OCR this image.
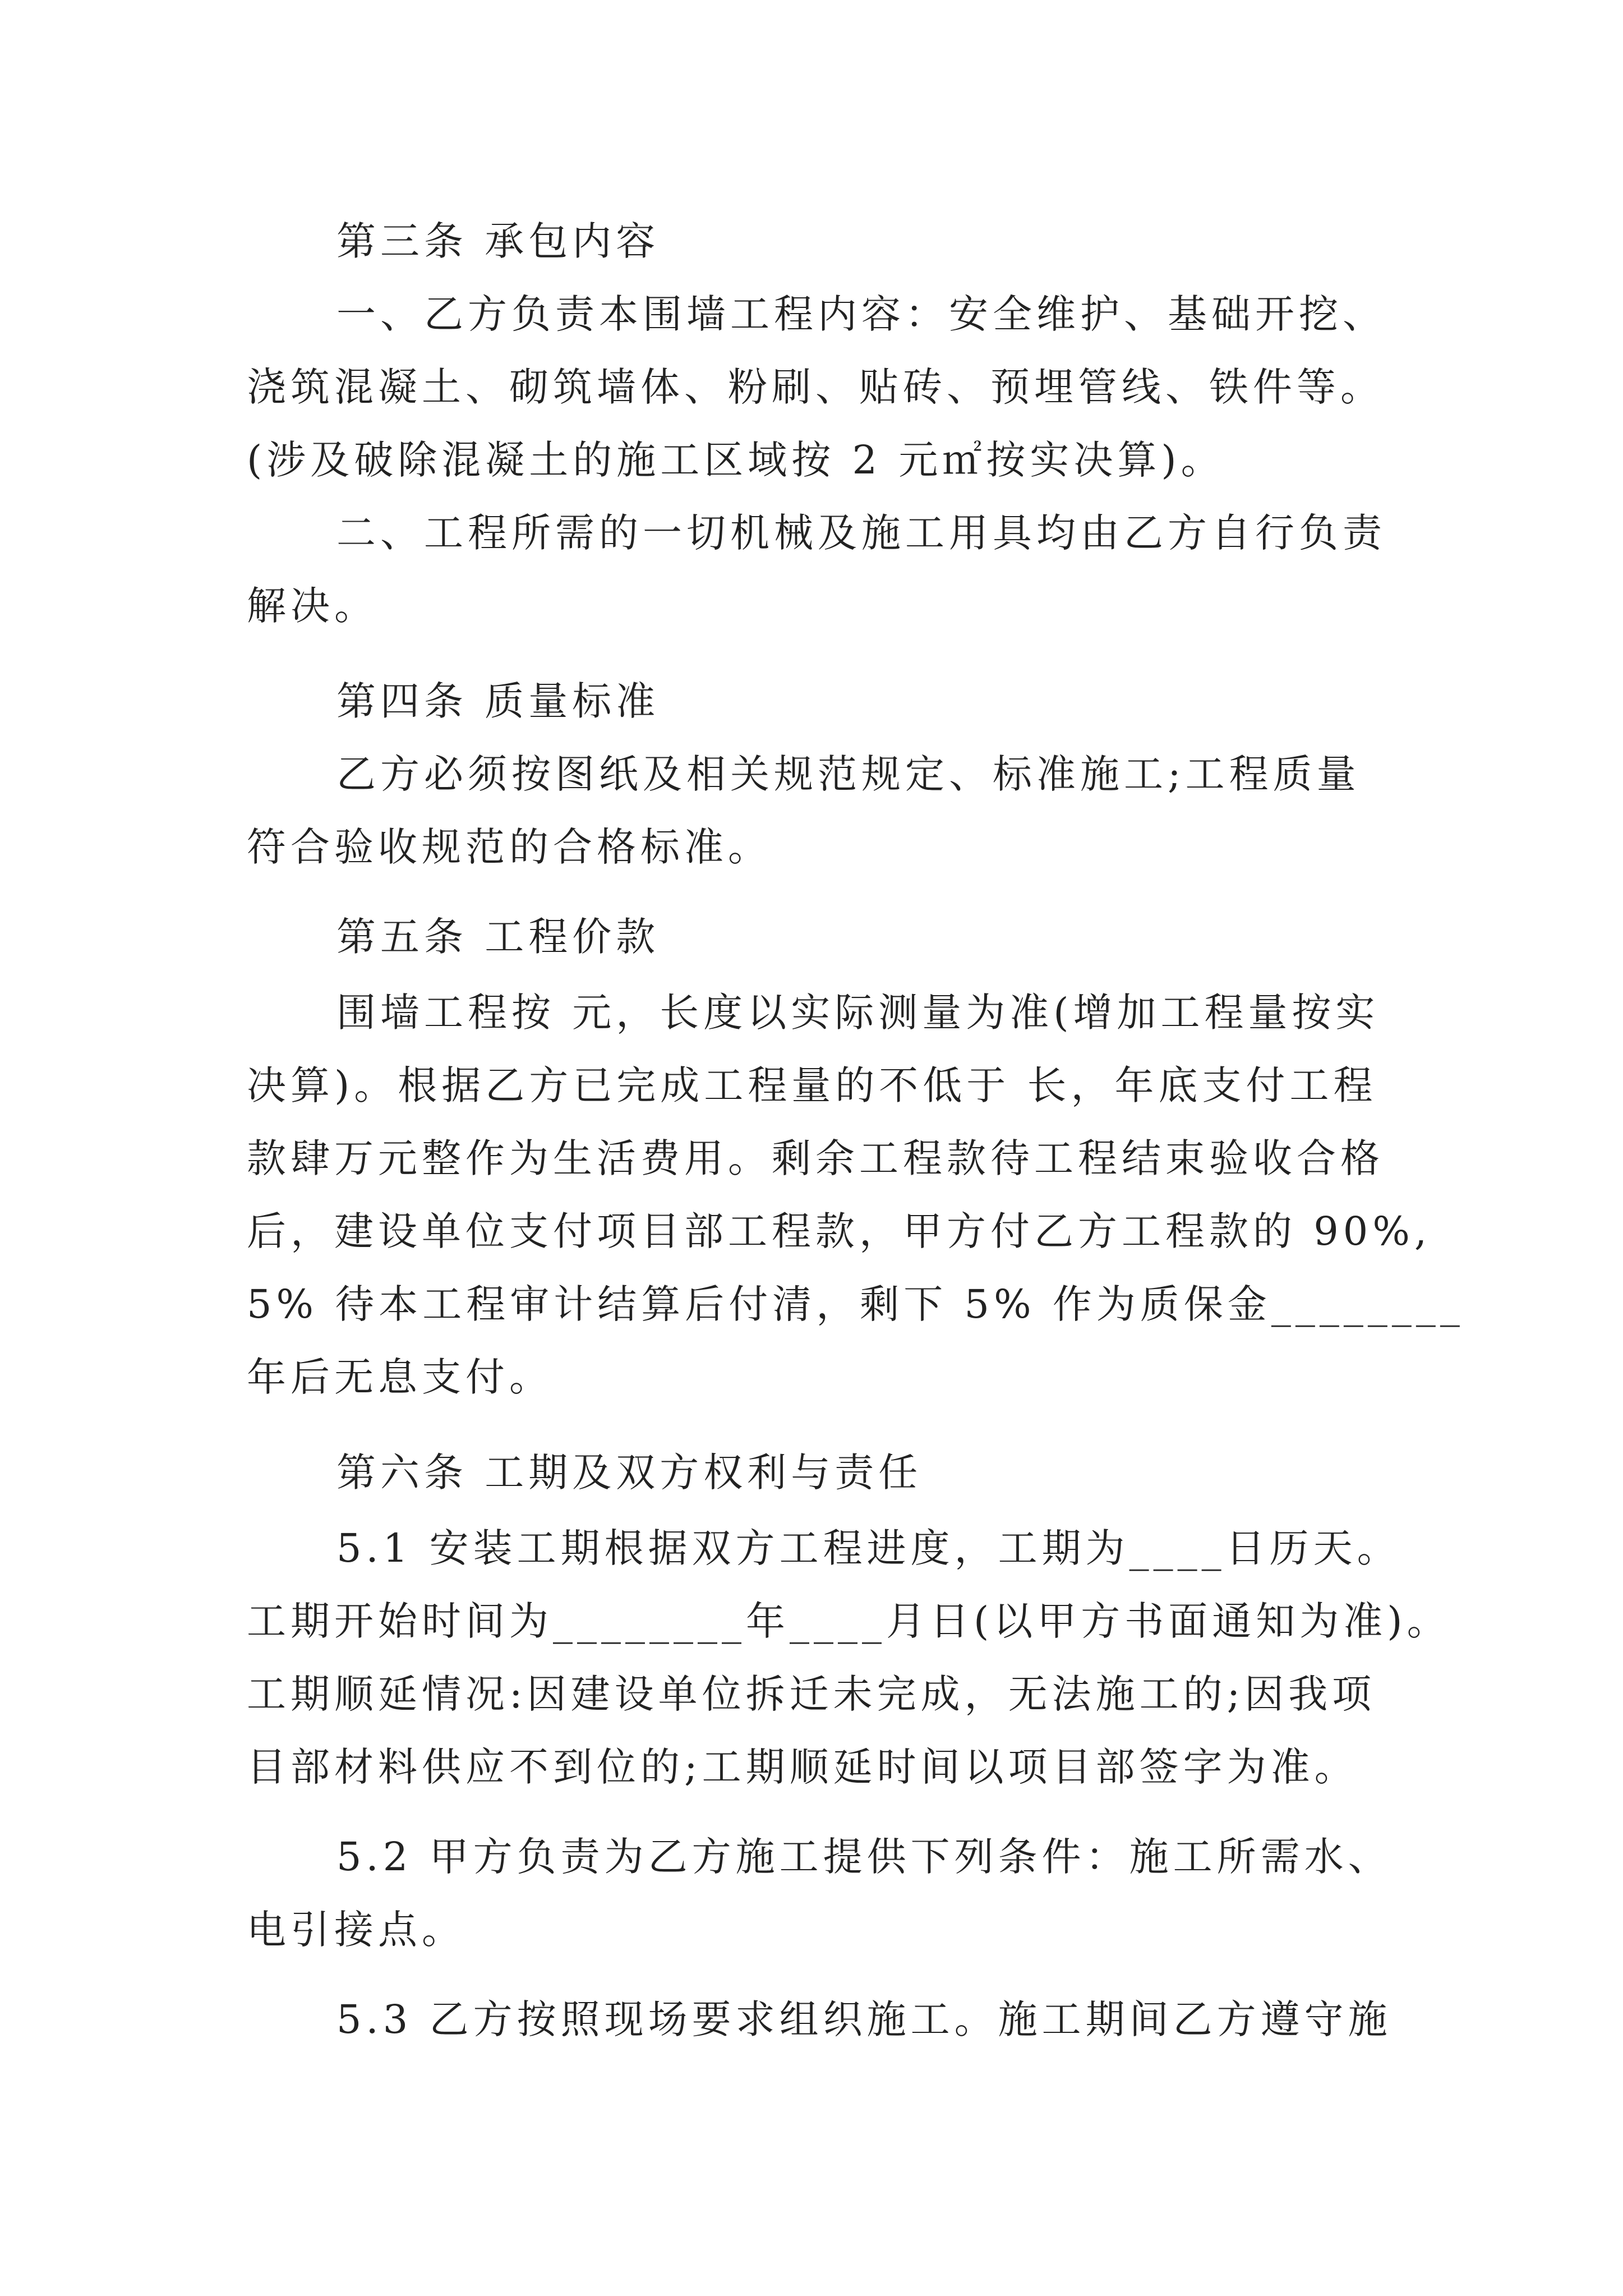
第三条 承包内容

一、乙方负责本围墙工程内容：安全维护、基础开挖、

浇筑混凝土、砌筑墙体、粉刷、贴砖、预埋管线、铁件等。

(涉及破除混凝土的施工区域按 2 元㎡按实决算)。

二、工程所需的一切机械及施工用具均由乙方自行负责

解决。

第四条 质量标准

乙方必须按图纸及相关规范规定、标准施工;工程质量

符合验收规范的合格标准。

第五条 工程价款

围墙工程按 元，长度以实际测量为准(增加工程量按实

决算)。根据乙方已完成工程量的不低于 长，年底支付工程

款肆万元整作为生活费用。剩余工程款待工程结束验收合格

后，建设单位支付项目部工程款，甲方付乙方工程款的 90%,

5% 待本工程审计结算后付清，剩下 5% 作为质保金________

年后无息支付。

第六条 工期及双方权利与责任

5.1 安装工期根据双方工程进度，工期为____日历天。

工期开始时间为________年____月日(以甲方书面通知为准)。

工期顺延情况:因建设单位拆迁未完成，无法施工的;因我项

目部材料供应不到位的;工期顺延时间以项目部签字为准。

5.2 甲方负责为乙方施工提供下列条件：施工所需水、

电引接点。

5.3 乙方按照现场要求组织施工。施工期间乙方遵守施
